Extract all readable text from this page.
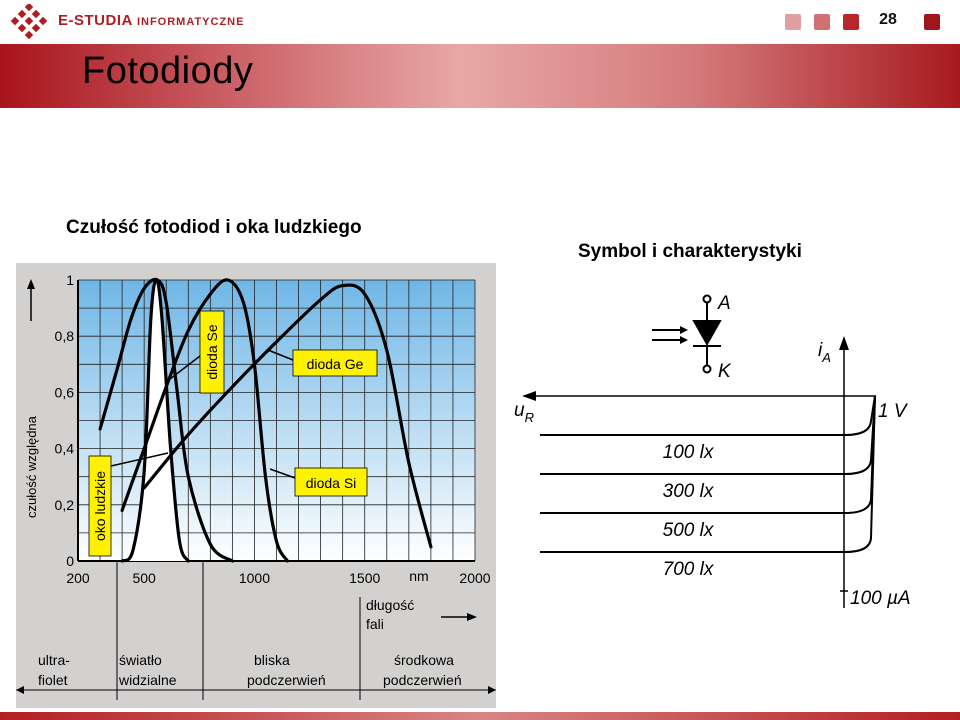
E-STUDIA INFORMATYCZNE	28
Fotodiody
Czułość fotodiod i oka ludzkiego
Symbol i charakterystyki
200	500	1000	1500	2000
0
0,2
0,4
0,6
0,8
1
czułość względna
nm
długość
fali
ultra-
fiolet
światło
widzialne
bliska
podczerwień
środkowa
podczerwień
oko ludzkie
dioda Se	dioda Ge
dioda Si
A
K
$i_A$
$u_R$	1 V
100 µA
100 lx
300 lx
500 lx
700 lx
